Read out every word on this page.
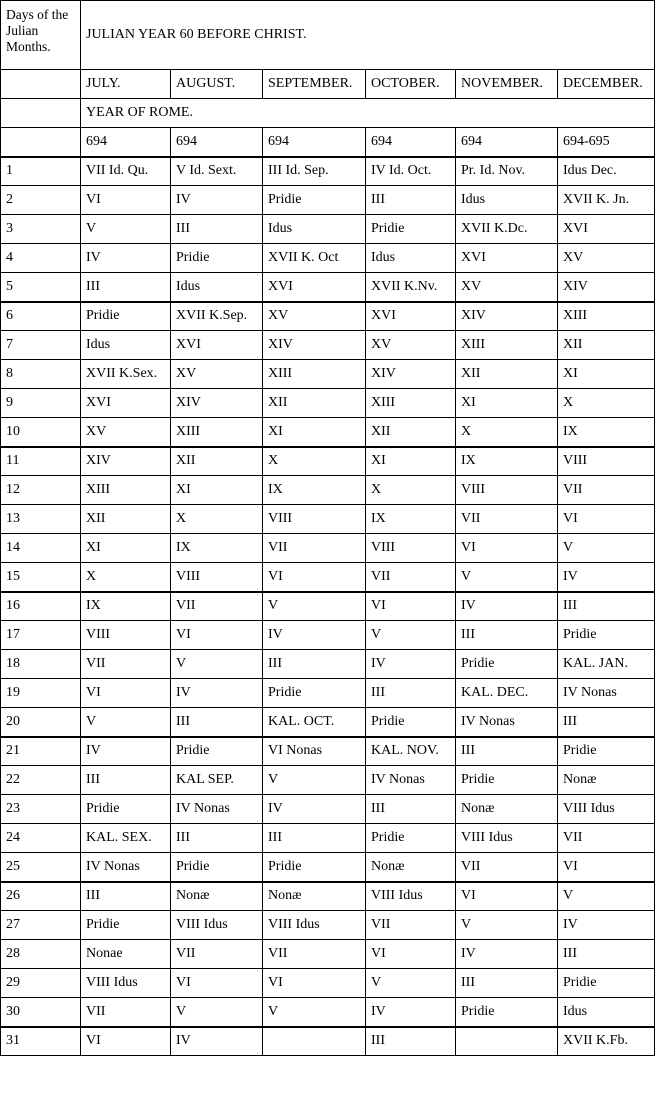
Days of the Julian Months.	JULIAN YEAR 60 BEFORE CHRIST.					
	JULY.	AUGUST.	SEPTEMBER.	OCTOBER.	NOVEMBER.	DECEMBER.
	YEAR OF ROME.					
	694	694	694	694	694	694-695
1	VII Id. Qu.	V Id. Sext.	III Id. Sep.	IV Id. Oct.	Pr. Id. Nov.	Idus Dec.
2	VI	IV	Pridie	III	Idus	XVII K. Jn.
3	V	III	Idus	Pridie	XVII K.Dc.	XVI
4	IV	Pridie	XVII K. Oct	Idus	XVI	XV
5	III	Idus	XVI	XVII K.Nv.	XV	XIV
6	Pridie	XVII K.Sep.	XV	XVI	XIV	XIII
7	Idus	XVI	XIV	XV	XIII	XII
8	XVII K.Sex.	XV	XIII	XIV	XII	XI
9	XVI	XIV	XII	XIII	XI	X
10	XV	XIII	XI	XII	X	IX
11	XIV	XII	X	XI	IX	VIII
12	XIII	XI	IX	X	VIII	VII
13	XII	X	VIII	IX	VII	VI
14	XI	IX	VII	VIII	VI	V
15	X	VIII	VI	VII	V	IV
16	IX	VII	V	VI	IV	III
17	VIII	VI	IV	V	III	Pridie
18	VII	V	III	IV	Pridie	KAL. JAN.
19	VI	IV	Pridie	III	KAL. DEC.	IV Nonas
20	V	III	KAL. OCT.	Pridie	IV Nonas	III
21	IV	Pridie	VI Nonas	KAL. NOV.	III	Pridie
22	III	KAL SEP.	V	IV Nonas	Pridie	Nonæ
23	Pridie	IV Nonas	IV	III	Nonæ	VIII Idus
24	KAL. SEX.	III	III	Pridie	VIII Idus	VII
25	IV Nonas	Pridie	Pridie	Nonæ	VII	VI
26	III	Nonæ	Nonæ	VIII Idus	VI	V
27	Pridie	VIII Idus	VIII Idus	VII	V	IV
28	Nonae	VII	VII	VI	IV	III
29	VIII Idus	VI	VI	V	III	Pridie
30	VII	V	V	IV	Pridie	Idus
31	VI	IV		III		XVII K.Fb.
